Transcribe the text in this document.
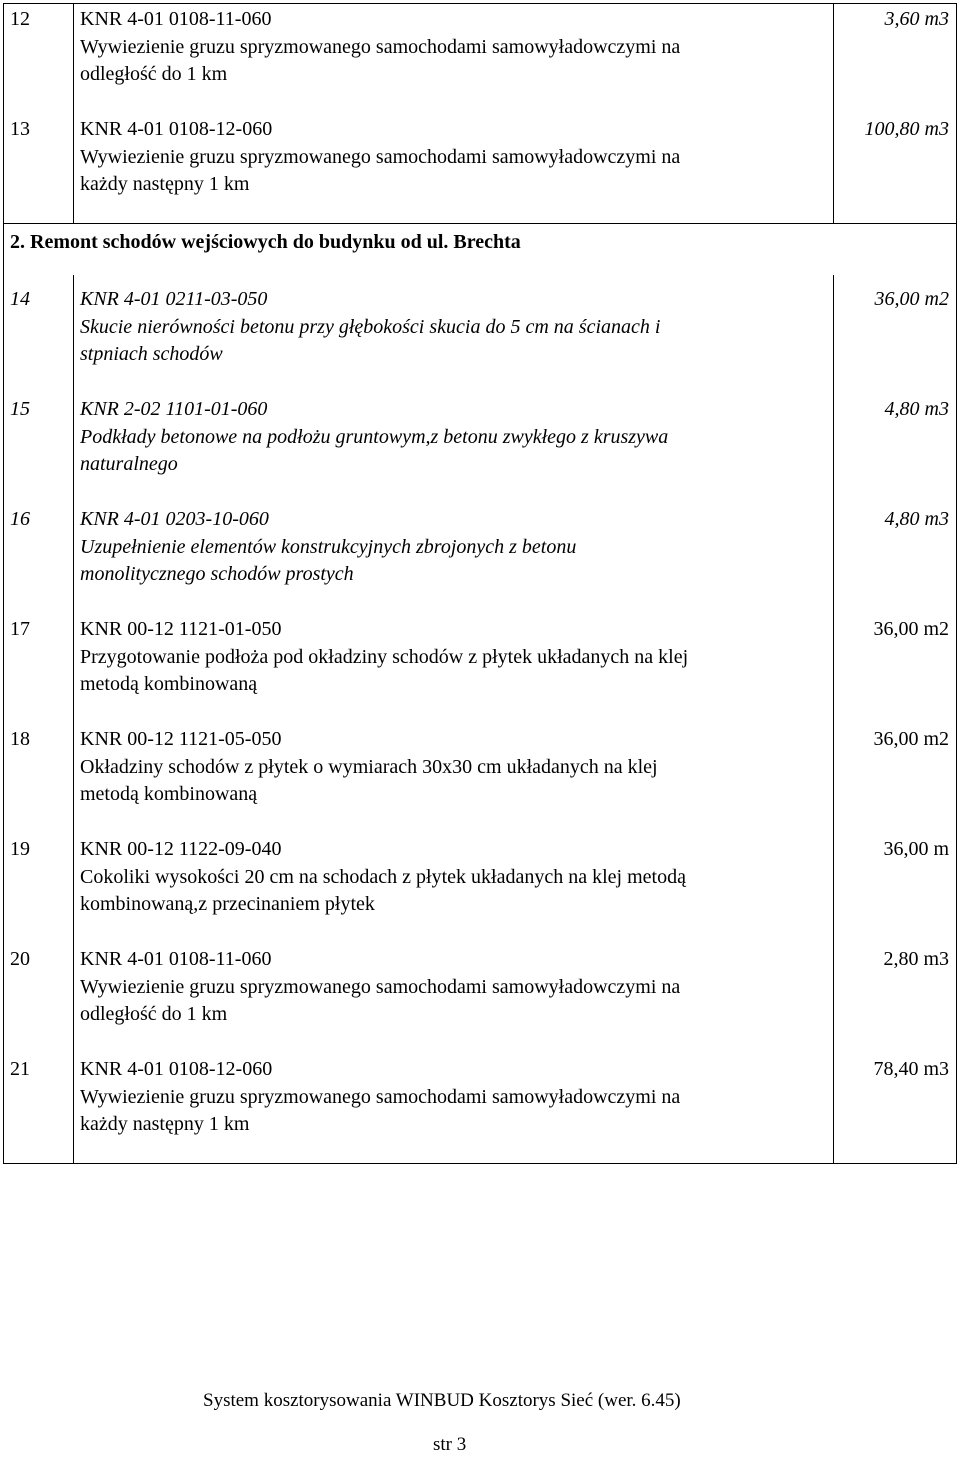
12	KNR 4-01 0108-11-060
Wywiezienie gruzu spryzmowanego samochodami samowyładowczymi na
odległość do 1 km
3,60 m3
13	KNR 4-01 0108-12-060
Wywiezienie gruzu spryzmowanego samochodami samowyładowczymi na
każdy następny 1 km
100,80 m3
2. Remont schodów wejściowych do budynku od ul. Brechta
14	KNR 4-01 0211-03-050
Skucie nierówności betonu przy głębokości skucia do 5 cm na ścianach i
stpniach schodów
36,00 m2
15	KNR 2-02 1101-01-060
Podkłady betonowe na podłożu gruntowym,z betonu zwykłego z kruszywa
naturalnego
4,80 m3
16	KNR 4-01 0203-10-060
Uzupełnienie elementów konstrukcyjnych zbrojonych z betonu
monolitycznego schodów prostych
4,80 m3
17	KNR 00-12 1121-01-050
Przygotowanie podłoża pod okładziny schodów z płytek układanych na klej
metodą kombinowaną
36,00 m2
18	KNR 00-12 1121-05-050
Okładziny schodów z płytek o wymiarach 30x30 cm układanych na klej
metodą kombinowaną
36,00 m2
19	KNR 00-12 1122-09-040
Cokoliki wysokości 20 cm na schodach z płytek układanych na klej metodą
kombinowaną,z przecinaniem płytek
36,00 m
20	KNR 4-01 0108-11-060
Wywiezienie gruzu spryzmowanego samochodami samowyładowczymi na
odległość do 1 km
2,80 m3
21	KNR 4-01 0108-12-060
Wywiezienie gruzu spryzmowanego samochodami samowyładowczymi na
każdy następny 1 km
78,40 m3
System kosztorysowania WINBUD Kosztorys Sieć (wer. 6.45)
str 3
